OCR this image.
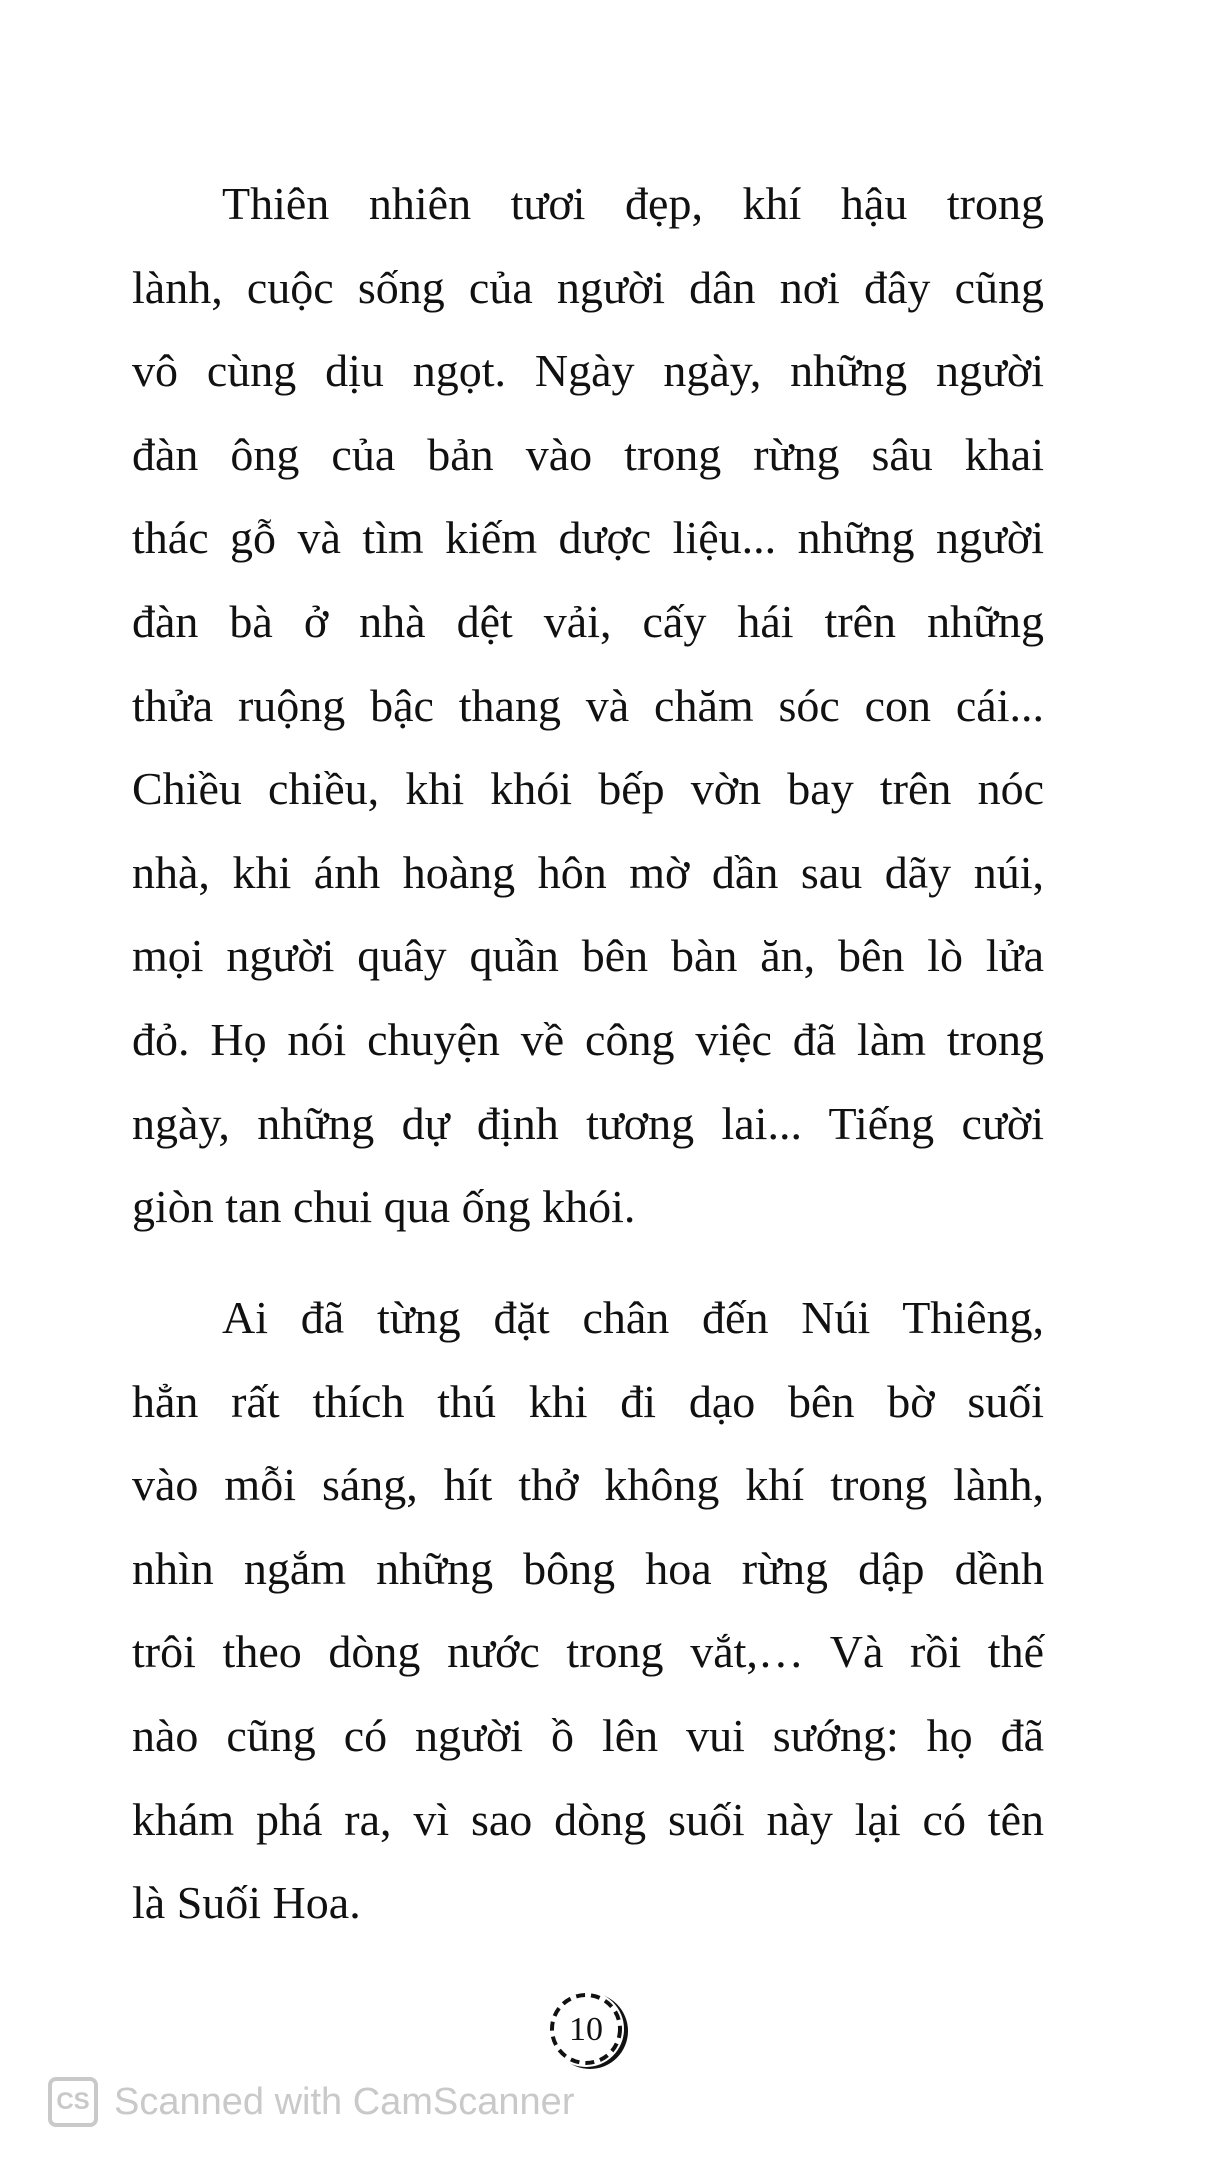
Thiên nhiên tươi đẹp, khí hậu trong
lành, cuộc sống của người dân nơi đây cũng
vô cùng dịu ngọt. Ngày ngày, những người
đàn ông của bản vào trong rừng sâu khai
thác gỗ và tìm kiếm dược liệu... những người
đàn bà ở nhà dệt vải, cấy hái trên những
thửa ruộng bậc thang và chăm sóc con cái...
Chiều chiều, khi khói bếp vờn bay trên nóc
nhà, khi ánh hoàng hôn mờ dần sau dãy núi,
mọi người quây quần bên bàn ăn, bên lò lửa
đỏ. Họ nói chuyện về công việc đã làm trong
ngày, những dự định tương lai... Tiếng cười
giòn tan chui qua ống khói.
Ai đã từng đặt chân đến Núi Thiêng,
hẳn rất thích thú khi đi dạo bên bờ suối
vào mỗi sáng, hít thở không khí trong lành,
nhìn ngắm những bông hoa rừng dập dềnh
trôi theo dòng nước trong vắt,… Và rồi thế
nào cũng có người ồ lên vui sướng: họ đã
khám phá ra, vì sao dòng suối này lại có tên
là Suối Hoa.
10
CS Scanned with CamScanner
